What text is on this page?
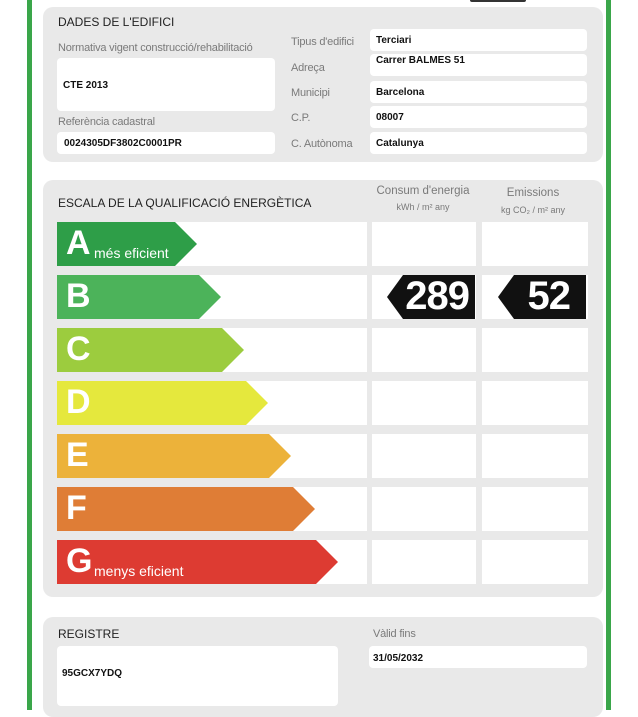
DADES DE L'EDIFICI
Normativa vigent construcció/rehabilitació
CTE 2013
Referència cadastral
0024305DF3802C0001PR
Tipus d'edifici Terciari
Adreça
Carrer BALMES 51
Municipi	Barcelona
C.P.	08007
C. Autònoma Catalunya
ESCALA DE LA QUALIFICACIÓ ENERGÈTICA
Consum d'energia
kWh / m² any
Emissions
kg CO₂ / m² any
A més eficient
B
C
D
E
F
G menys eficient
289 52
REGISTRE
95GCX7YDQ
Vàlid fins
31/05/2032
